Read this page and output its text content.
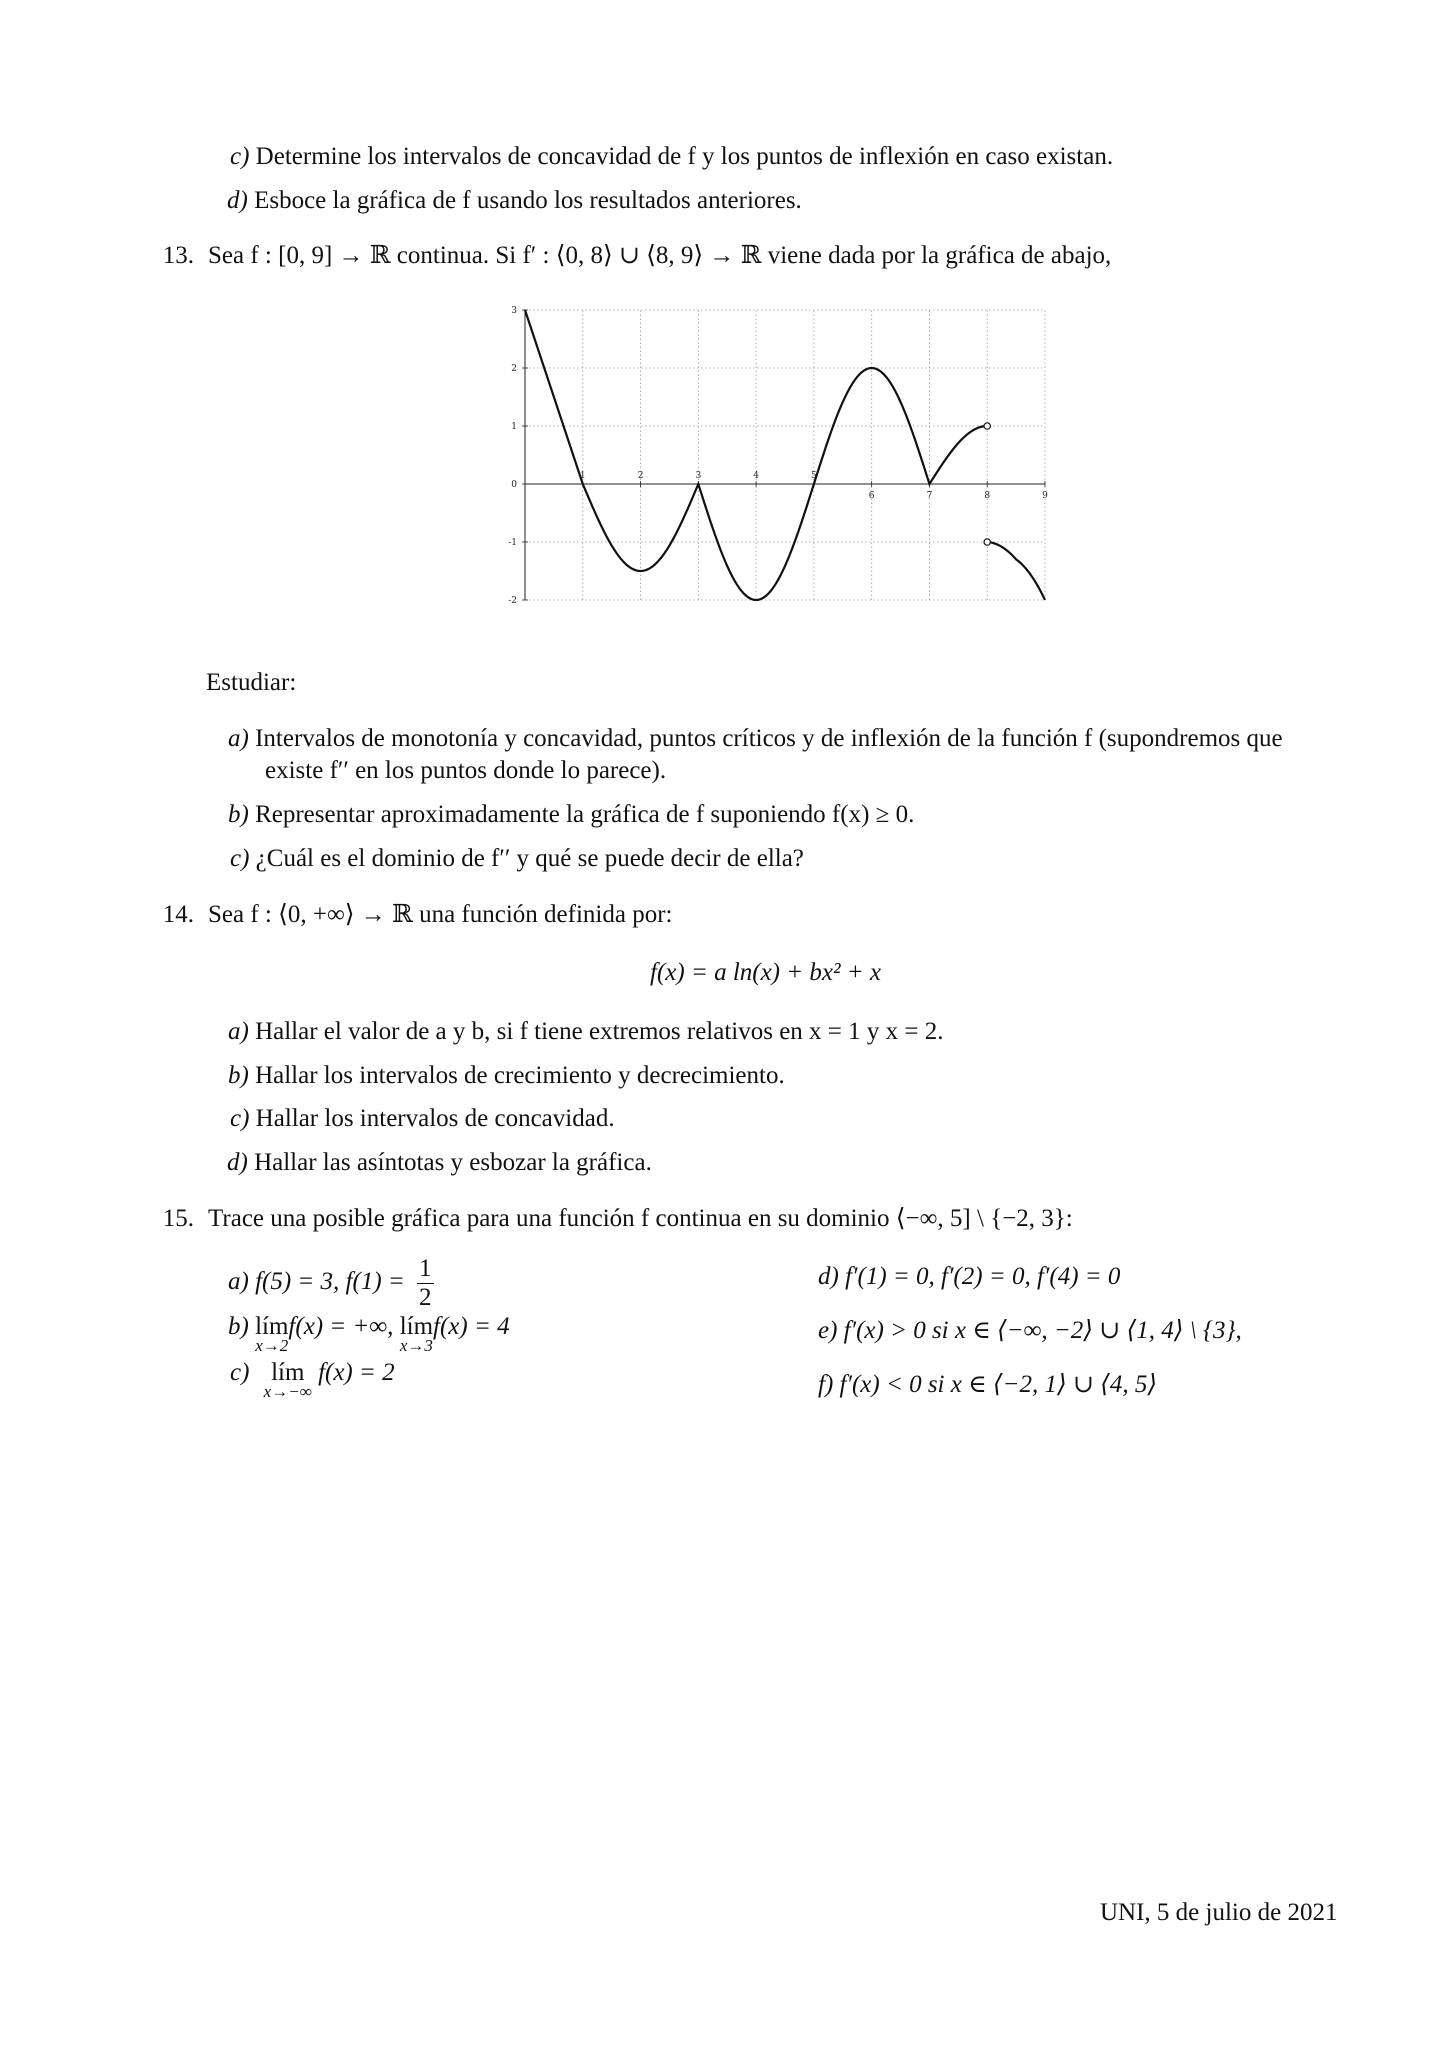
c) Determine los intervalos de concavidad de f y los puntos de inflexión en caso existan.
d) Esboce la gráfica de f usando los resultados anteriores.
13. Sea f : [0, 9] → ℝ continua. Si f′ : ⟨0, 8⟩ ∪ ⟨8, 9⟩ → ℝ viene dada por la gráfica de abajo,
1	2	3	4	5
6	7	8	9
3
2
1
0
-1
-2
Estudiar:
a) Intervalos de monotonía y concavidad, puntos críticos y de inflexión de la función f (supondremos que
existe f′′ en los puntos donde lo parece).
b) Representar aproximadamente la gráfica de f suponiendo f(x) ≥ 0.
c) ¿Cuál es el dominio de f′′ y qué se puede decir de ella?
14. Sea f : ⟨0, +∞⟩ → ℝ una función definida por:
f(x) = a ln(x) + bx² + x
a) Hallar el valor de a y b, si f tiene extremos relativos en x = 1 y x = 2.
b) Hallar los intervalos de crecimiento y decrecimiento.
c) Hallar los intervalos de concavidad.
d) Hallar las asíntotas y esbozar la gráfica.
15. Trace una posible gráfica para una función f continua en su dominio ⟨−∞, 5] \ {−2, 3}:
a) f(5) = 3, $f(1) = \frac{1}{2}$
b) lím
x→2
f(x) = +∞, lím
x→3
f(x) = 4
c) lím
x→−∞
f(x) = 2
d) f′(1) = 0, f′(2) = 0, f′(4) = 0
e) f′(x) > 0 si x ∈ ⟨−∞, −2⟩ ∪ ⟨1, 4⟩ \ {3},
f) f′(x) < 0 si x ∈ ⟨−2, 1⟩ ∪ ⟨4, 5⟩
UNI, 5 de julio de 2021
